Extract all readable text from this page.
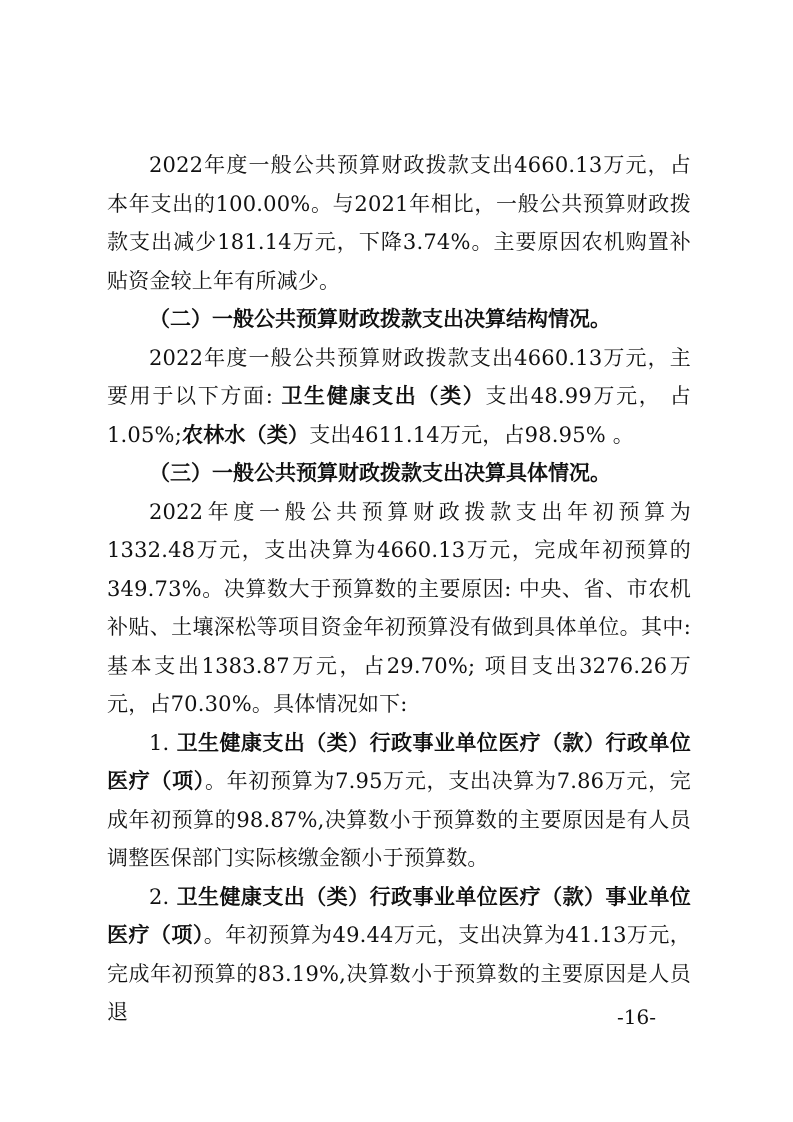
2022年度一般公共预算财政拨款支出4660.13万元，占本年支出的100.00%。与2021年相比，一般公共预算财政拨款支出减少181.14万元，下降3.74%。主要原因农机购置补贴资金较上年有所减少。

（二）一般公共预算财政拨款支出决算结构情况。

2022年度一般公共预算财政拨款支出4660.13万元，主要用于以下方面: 卫生健康支出（类）支出48.99万元， 占1.05%;农林水（类）支出4611.14万元，占98.95% 。

（三）一般公共预算财政拨款支出决算具体情况。

2022年度一般公共预算财政拨款支出年初预算为1332.48万元，支出决算为4660.13万元，完成年初预算的349.73%。决算数大于预算数的主要原因: 中央、省、市农机补贴、土壤深松等项目资金年初预算没有做到具体单位。其中: 基本支出1383.87万元，占29.70%; 项目支出3276.26万元，占70.30%。具体情况如下:

1. 卫生健康支出（类）行政事业单位医疗（款）行政单位医疗（项）。年初预算为7.95万元，支出决算为7.86万元，完成年初预算的98.87%,决算数小于预算数的主要原因是有人员调整医保部门实际核缴金额小于预算数。

2. 卫生健康支出（类）行政事业单位医疗（款）事业单位医疗（项）。年初预算为49.44万元，支出决算为41.13万元，完成年初预算的83.19%,决算数小于预算数的主要原因是人员退	-16-
